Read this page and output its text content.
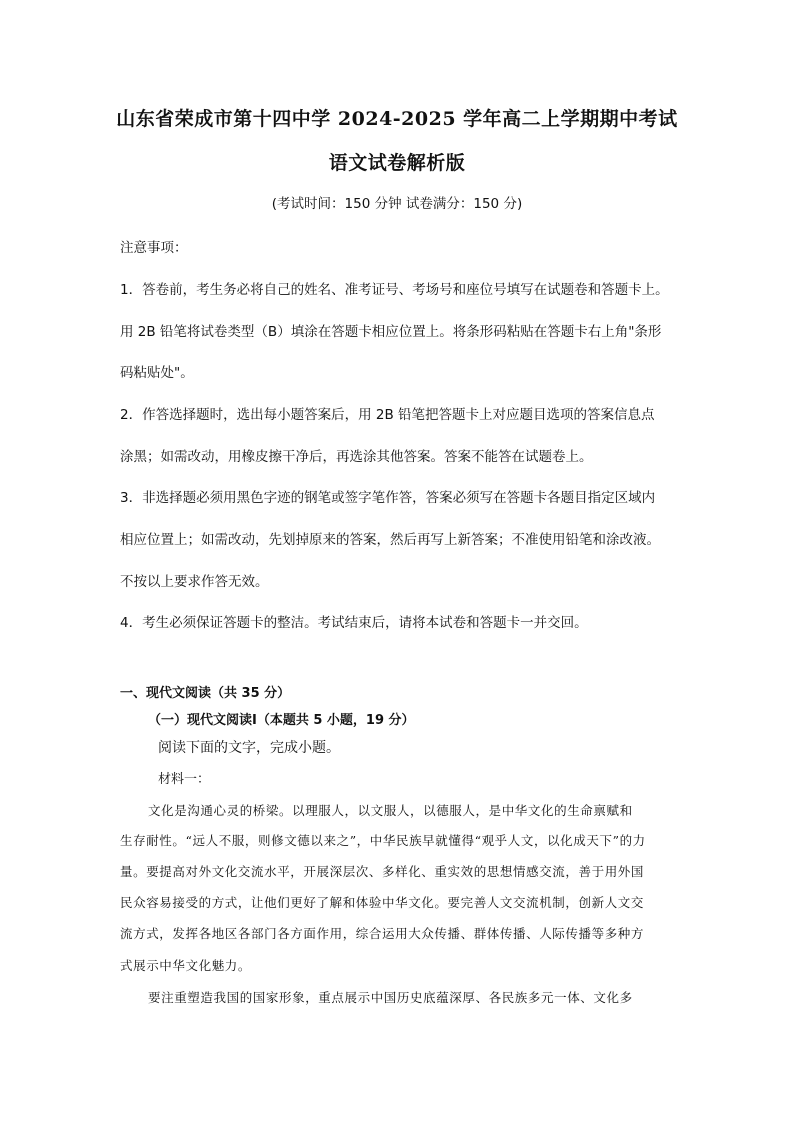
山东省荣成市第十四中学 2024-2025 学年高二上学期期中考试
语文试卷解析版
(考试时间：150 分钟 试卷满分：150 分)
注意事项：
1．答卷前，考生务必将自己的姓名、准考证号、考场号和座位号填写在试题卷和答题卡上。
用 2B 铅笔将试卷类型（B）填涂在答题卡相应位置上。将条形码粘贴在答题卡右上角"条形
码粘贴处"。
2．作答选择题时，选出每小题答案后，用 2B 铅笔把答题卡上对应题目选项的答案信息点
涂黑；如需改动，用橡皮擦干净后，再选涂其他答案。答案不能答在试题卷上。
3．非选择题必须用黑色字迹的钢笔或签字笔作答，答案必须写在答题卡各题目指定区域内
相应位置上；如需改动，先划掉原来的答案，然后再写上新答案；不准使用铅笔和涂改液。
不按以上要求作答无效。
4．考生必须保证答题卡的整洁。考试结束后，请将本试卷和答题卡一并交回。
一、现代文阅读（共 35 分）
（一）现代文阅读Ⅰ（本题共 5 小题，19 分）
阅读下面的文字，完成小题。
材料一：
文化是沟通心灵的桥梁。以理服人，以文服人，以德服人，是中华文化的生命禀赋和
生存耐性。“远人不服，则修文德以来之”，中华民族早就懂得“观乎人文，以化成天下”的力
量。要提高对外文化交流水平，开展深层次、多样化、重实效的思想情感交流，善于用外国
民众容易接受的方式，让他们更好了解和体验中华文化。要完善人文交流机制，创新人文交
流方式，发挥各地区各部门各方面作用，综合运用大众传播、群体传播、人际传播等多种方
式展示中华文化魅力。
要注重塑造我国的国家形象，重点展示中国历史底蕴深厚、各民族多元一体、文化多
